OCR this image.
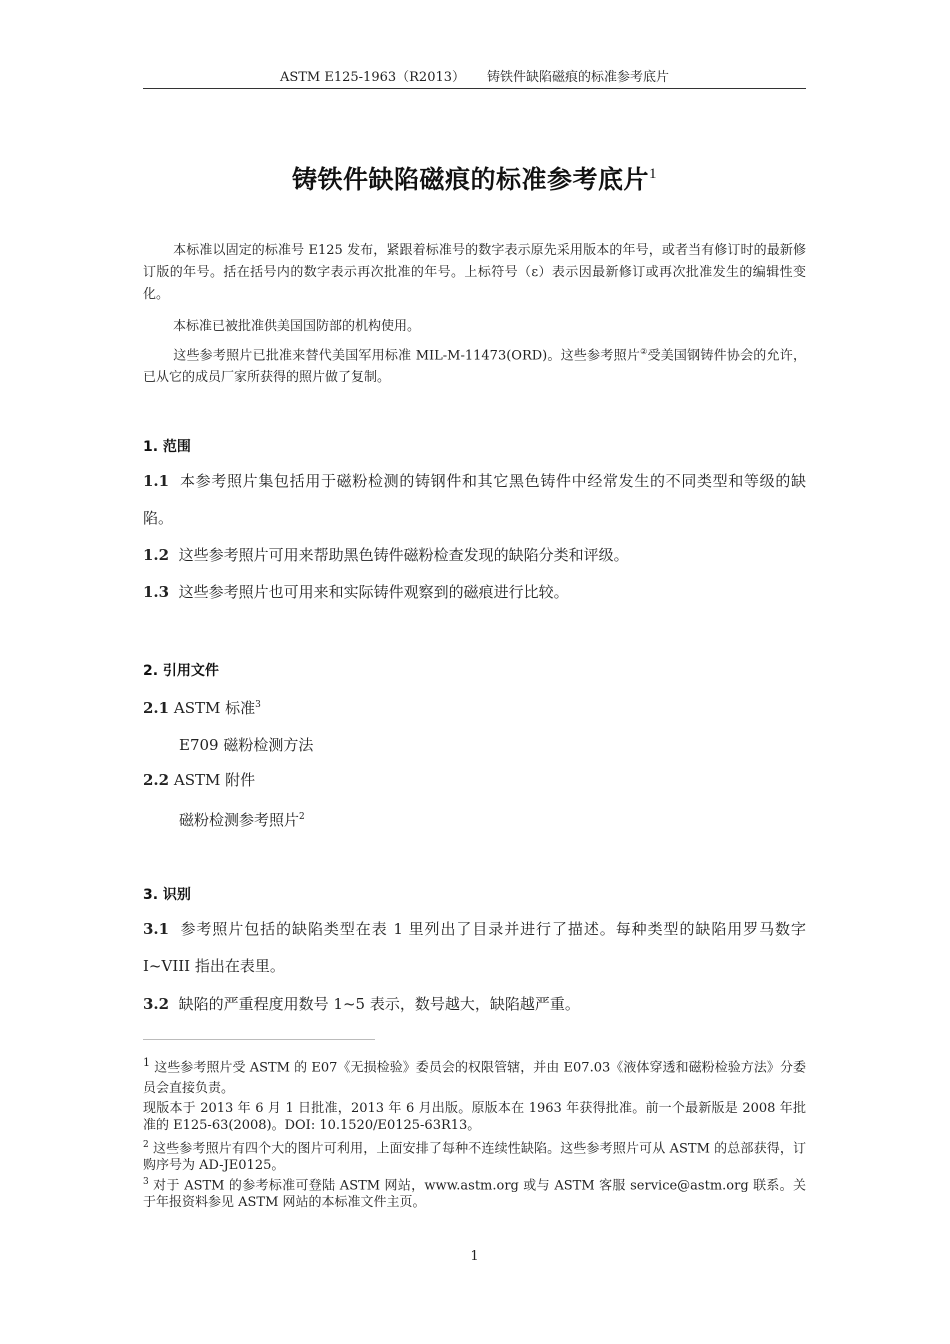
ASTM E125-1963（R2013） 铸铁件缺陷磁痕的标准参考底片
铸铁件缺陷磁痕的标准参考底片$^1$
本标准以固定的标准号 E125 发布，紧跟着标准号的数字表示原先采用版本的年号，或者当有修订时的最新修订版的年号。括在括号内的数字表示再次批准的年号。上标符号（ε）表示因最新修订或再次批准发生的编辑性变化。
本标准已被批准供美国国防部的机构使用。
这些参考照片已批准来替代美国军用标准 MIL-M-11473(ORD)。这些参考照片②受美国钢铸件协会的允许，已从它的成员厂家所获得的照片做了复制。
1. 范围
1.1 本参考照片集包括用于磁粉检测的铸钢件和其它黑色铸件中经常发生的不同类型和等级的缺陷。
1.2 这些参考照片可用来帮助黑色铸件磁粉检查发现的缺陷分类和评级。
1.3 这些参考照片也可用来和实际铸件观察到的磁痕进行比较。
2. 引用文件
2.1 ASTM 标准$^3$
E709 磁粉检测方法
2.2 ASTM 附件
磁粉检测参考照片$^2$
3. 识别
3.1 参考照片包括的缺陷类型在表 1 里列出了目录并进行了描述。每种类型的缺陷用罗马数字 I~VIII 指出在表里。
3.2 缺陷的严重程度用数号 1~5 表示，数号越大，缺陷越严重。
$^1$ 这些参考照片受 ASTM 的 E07《无损检验》委员会的权限管辖，并由 E07.03《液体穿透和磁粉检验方法》分委员会直接负责。
现版本于 2013 年 6 月 1 日批准，2013 年 6 月出版。原版本在 1963 年获得批准。前一个最新版是 2008 年批准的 E125-63(2008)。DOI: 10.1520/E0125-63R13。
$^2$ 这些参考照片有四个大的图片可利用，上面安排了每种不连续性缺陷。这些参考照片可从 ASTM 的总部获得，订购序号为 AD-JE0125。
$^3$ 对于 ASTM 的参考标准可登陆 ASTM 网站，www.astm.org 或与 ASTM 客服 service@astm.org 联系。关于年报资料参见 ASTM 网站的本标准文件主页。
1
